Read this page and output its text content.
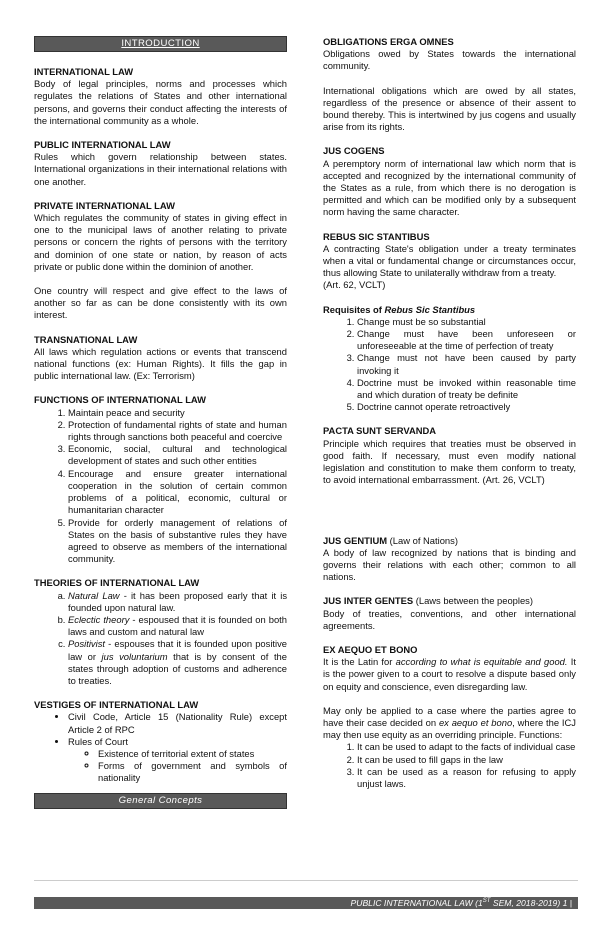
INTRODUCTION
INTERNATIONAL LAW
Body of legal principles, norms and processes which regulates the relations of States and other international persons, and governs their conduct affecting the interests of the international community as a whole.
PUBLIC INTERNATIONAL LAW
Rules which govern relationship between states. International organizations in their international relations with one another.
PRIVATE INTERNATIONAL LAW
Which regulates the community of states in giving effect in one to the municipal laws of another relating to private persons or concern the rights of persons with the territory and dominion of one state or nation, by reason of acts private or public done within the dominion of another.
One country will respect and give effect to the laws of another so far as can be done consistently with its own interest.
TRANSNATIONAL LAW
All laws which regulation actions or events that transcend national functions (ex: Human Rights). It fills the gap in public international law. (Ex: Terrorism)
FUNCTIONS OF INTERNATIONAL LAW
1. Maintain peace and security
2. Protection of fundamental rights of state and human rights through sanctions both peaceful and coercive
3. Economic, social, cultural and technological development of states and such other entities
4. Encourage and ensure greater international cooperation in the solution of certain common problems of a political, economic, cultural or humanitarian character
5. Provide for orderly management of relations of States on the basis of substantive rules they have agreed to observe as members of the international community.
THEORIES OF INTERNATIONAL LAW
a. Natural Law - it has been proposed early that it is founded upon natural law.
b. Eclectic theory - espoused that it is founded on both laws and custom and natural law
c. Positivist - espouses that it is founded upon positive law or jus voluntarium that is by consent of the states through adoption of customs and adherence to treaties.
VESTIGES OF INTERNATIONAL LAW
• Civil Code, Article 15 (Nationality Rule) except Article 2 of RPC
• Rules of Court
◦ Existence of territorial extent of states
◦ Forms of government and symbols of nationality
General Concepts
OBLIGATIONS ERGA OMNES
Obligations owed by States towards the international community.
International obligations which are owed by all states, regardless of the presence or absence of their assent to bound thereby. This is intertwined by jus cogens and usually arise from its rights.
JUS COGENS
A peremptory norm of international law which norm that is accepted and recognized by the international community of the States as a rule, from which there is no derogation is permitted and which can be modified only by a subsequent norm having the same character.
REBUS SIC STANTIBUS
A contracting State's obligation under a treaty terminates when a vital or fundamental change or circumstances occur, thus allowing State to unilaterally withdraw from a treaty.
(Art. 62, VCLT)
Requisites of Rebus Sic Stantibus
1. Change must be so substantial
2. Change must have been unforeseen or unforeseeable at the time of perfection of treaty
3. Change must not have been caused by party invoking it
4. Doctrine must be invoked within reasonable time and which duration of treaty be definite
5. Doctrine cannot operate retroactively
PACTA SUNT SERVANDA
Principle which requires that treaties must be observed in good faith. If necessary, must even modify national legislation and constitution to make them conform to treaty, to avoid international embarrassment. (Art. 26, VCLT)
JUS GENTIUM (Law of Nations)
A body of law recognized by nations that is binding and governs their relations with each other; common to all nations.
JUS INTER GENTES (Laws between the peoples)
Body of treaties, conventions, and other international agreements.
EX AEQUO ET BONO
It is the Latin for according to what is equitable and good. It is the power given to a court to resolve a dispute based only on equity and conscience, even disregarding law.
May only be applied to a case where the parties agree to have their case decided on ex aequo et bono, where the ICJ may then use equity as an overriding principle. Functions:
1. It can be used to adapt to the facts of individual case
2. It can be used to fill gaps in the law
3. It can be used as a reason for refusing to apply unjust laws.
PUBLIC INTERNATIONAL LAW (1ST SEM, 2018-2019) 1 |
